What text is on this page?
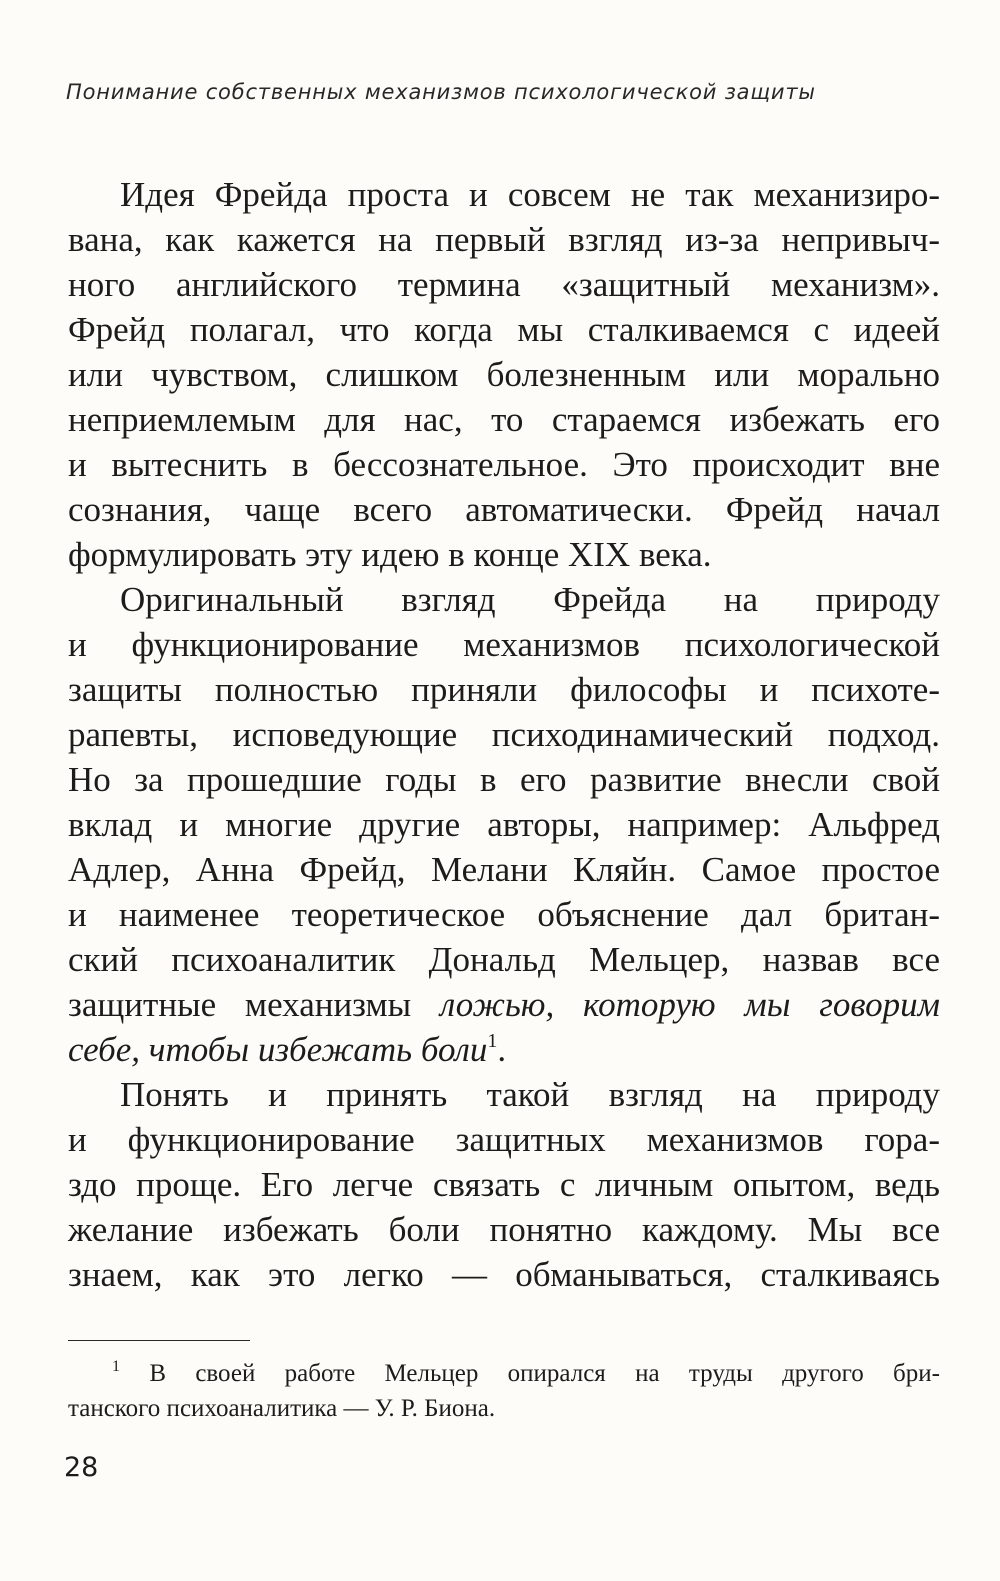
Понимание собственных механизмов психологической защиты

Идея Фрейда проста и совсем не так механизиро-
вана, как кажется на первый взгляд из-за непривыч-
ного английского термина «защитный механизм».
Фрейд полагал, что когда мы сталкиваемся с идеей
или чувством, слишком болезненным или морально
неприемлемым для нас, то стараемся избежать его
и вытеснить в бессознательное. Это происходит вне
сознания, чаще всего автоматически. Фрейд начал
формулировать эту идею в конце XIX века.

Оригинальный взгляд Фрейда на природу
и функционирование механизмов психологической
защиты полностью приняли философы и психоте-
рапевты, исповедующие психодинамический подход.
Но за прошедшие годы в его развитие внесли свой
вклад и многие другие авторы, например: Альфред
Адлер, Анна Фрейд, Мелани Кляйн. Самое простое
и наименее теоретическое объяснение дал британ-
ский психоаналитик Дональд Мельцер, назвав все
защитные механизмы ложью, которую мы говорим
себе, чтобы избежать боли$^1$.

Понять и принять такой взгляд на природу
и функционирование защитных механизмов гора-
здо проще. Его легче связать с личным опытом, ведь
желание избежать боли понятно каждому. Мы все
знаем, как это легко — обманываться, сталкиваясь

$^1$ В своей работе Мельцер опирался на труды другого бри-
танского психоаналитика — У. Р. Биона.
28
